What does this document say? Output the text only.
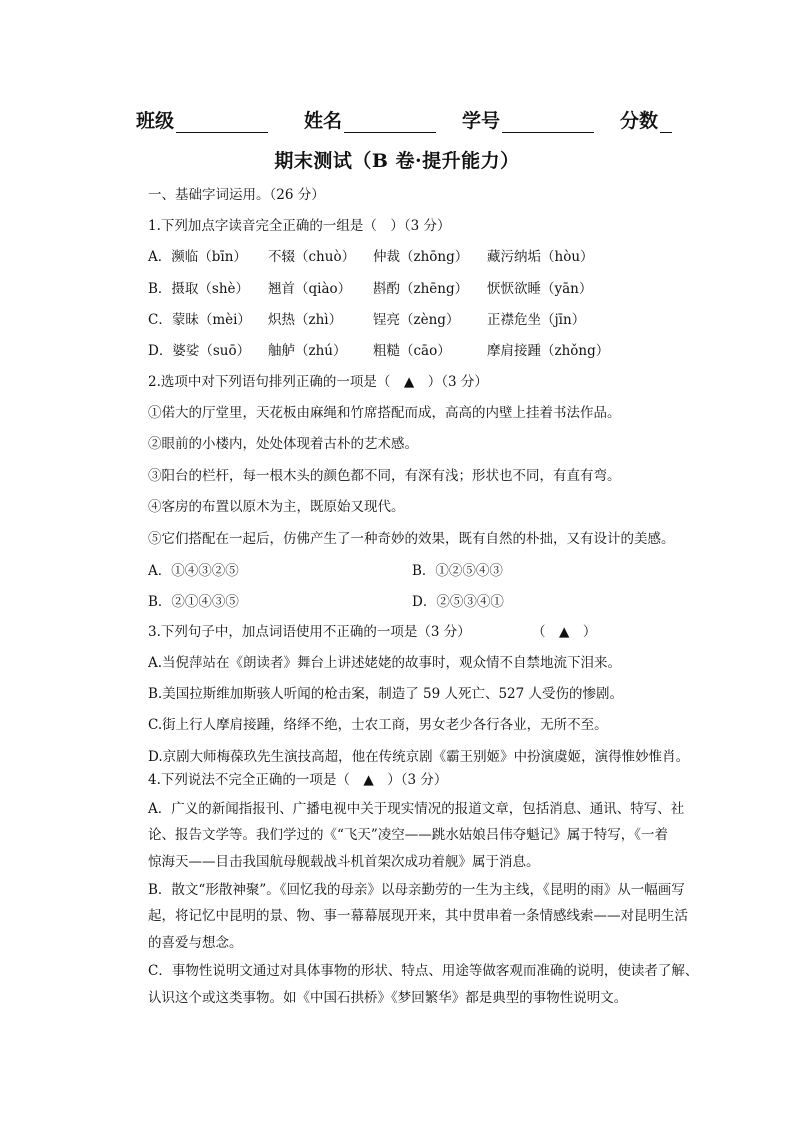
班级	姓名	学号	分数
期末测试（B 卷·提升能力）
一、基础字词运用。（26 分）
1.下列加点字读音完全正确的一组是（　）（3 分）
A．濒临（bīn） 不辍（chuò） 仲裁（zhōng） 藏污纳垢（hòu）
B．摄取（shè） 翘首（qiào） 斟酌（zhēng） 恹恹欲睡（yān）
C．蒙昧（mèi） 炽热（zhì） 锃亮（zèng） 正襟危坐（jīn）
D．婆娑（suō） 舳舻（zhú） 粗糙（cāo）	摩肩接踵（zhǒng）
2.选项中对下列语句排列正确的一项是（　▲　）（3 分）
①偌大的厅堂里，天花板由麻绳和竹席搭配而成，高高的内壁上挂着书法作品。
②眼前的小楼内，处处体现着古朴的艺术感。
③阳台的栏杆，每一根木头的颜色都不同，有深有浅；形状也不同，有直有弯。
④客房的布置以原木为主，既原始又现代。
⑤它们搭配在一起后，仿佛产生了一种奇妙的效果，既有自然的朴拙，又有设计的美感。
A．①④③②⑤	B．①②⑤④③
B．②①④③⑤	D．②⑤③④①
3.下列句子中，加点词语使用不正确的一项是（3 分）	（　▲　）
A.当倪萍站在《朗读者》舞台上讲述姥姥的故事时，观众情不自禁地流下泪来。
B.美国拉斯维加斯骇人听闻的枪击案，制造了 59 人死亡、527 人受伤的惨剧。
C.街上行人摩肩接踵，络绎不绝，士农工商，男女老少各行各业，无所不至。
D.京剧大师梅葆玖先生演技高超，他在传统京剧《霸王别姬》中扮演虞姬，演得惟妙惟肖。
4.下列说法不完全正确的一项是（　▲　）（3 分）
A．广义的新闻指报刊、广播电视中关于现实情况的报道文章，包括消息、通讯、特写、社
论、报告文学等。我们学过的《“飞天”凌空——跳水姑娘吕伟夺魁记》属于特写，《一着
惊海天——目击我国航母舰载战斗机首架次成功着舰》属于消息。
B．散文“形散神聚”。《回忆我的母亲》以母亲勤劳的一生为主线，《昆明的雨》从一幅画写
起，将记忆中昆明的景、物、事一幕幕展现开来，其中贯串着一条情感线索——对昆明生活
的喜爱与想念。
C．事物性说明文通过对具体事物的形状、特点、用途等做客观而准确的说明，使读者了解、
认识这个或这类事物。如《中国石拱桥》《梦回繁华》都是典型的事物性说明文。
